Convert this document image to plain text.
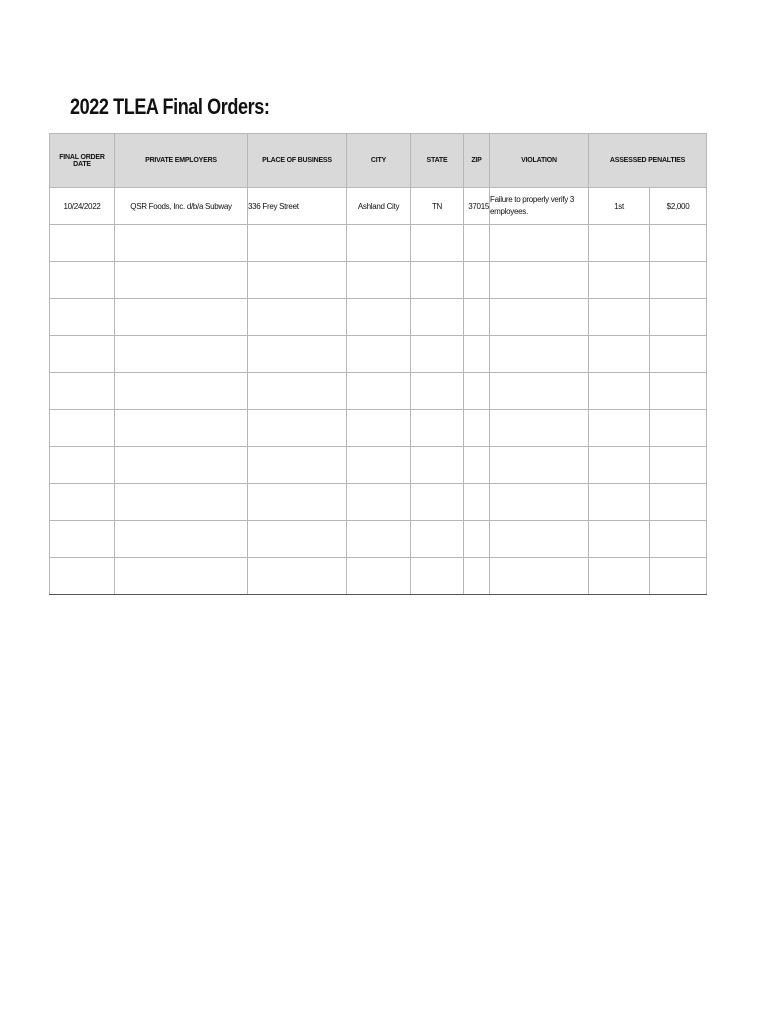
2022 TLEA Final Orders:
FINAL ORDER DATE	PRIVATE EMPLOYERS	PLACE OF BUSINESS	CITY	STATE	ZIP	VIOLATION	ASSESSED PENALTIES	
10/24/2022	QSR Foods, Inc. d/b/a Subway	336 Frey Street	Ashland City	TN	37015	Failure to properly verify 3 employees.	1st	$2,000
